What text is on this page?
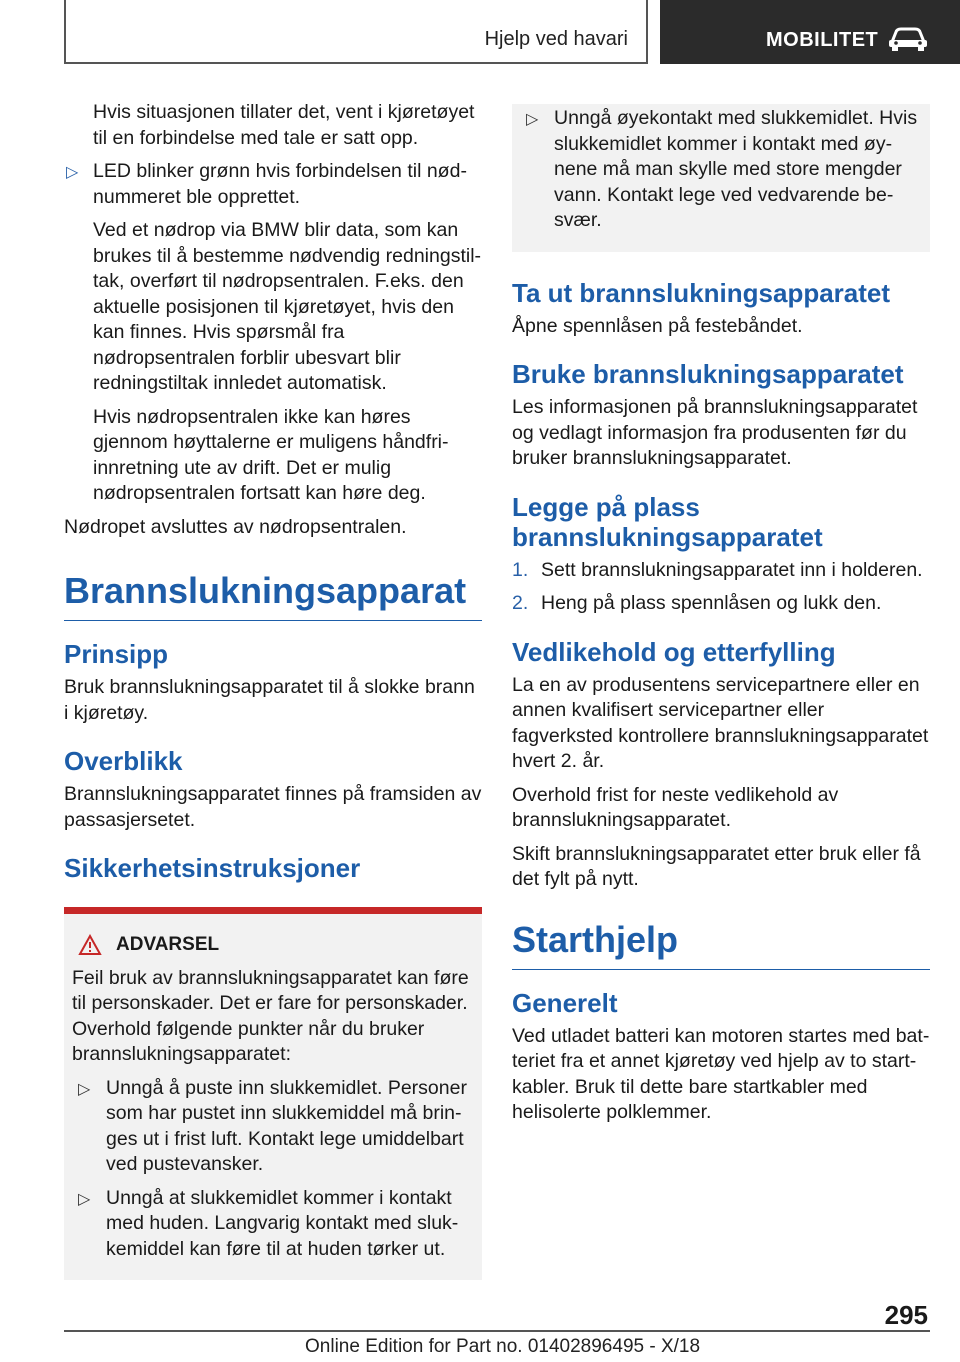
Hjelp ved havari	MOBILITET

Hvis situasjonen tillater det, vent i kjøretøyet til en forbindelse med tale er satt opp.

▷ LED blinker grønn hvis forbindelsen til nødnummeret ble opprettet.

Ved et nødrop via BMW blir data, som kan brukes til å bestemme nødvendig redningstiltak, overført til nødropsentralen. F.eks. den aktuelle posisjonen til kjøretøyet, hvis den kan finnes. Hvis spørsmål fra nødropsentralen forblir ubesvart blir redningstiltak innledet automatisk.

Hvis nødropsentralen ikke kan høres gjennom høyttalerne er muligens håndfri-innretning ute av drift. Det er mulig nødropsentralen fortsatt kan høre deg.

Nødropet avsluttes av nødropsentralen.

Brannslukningsapparat
Prinsipp

Bruk brannslukningsapparatet til å slokke brann i kjøretøy.

Overblikk

Brannslukningsapparatet finnes på framsiden av passasjersetet.

Sikkerhetsinstruksjoner
ADVARSEL

Feil bruk av brannslukningsapparatet kan føre til personskader. Det er fare for personskader. Overhold følgende punkter når du bruker brannslukningsapparatet:

▷ Unngå å puste inn slukkemidlet. Personer som har pustet inn slukkemiddel må bringes ut i frist luft. Kontakt lege umiddelbart ved pustevansker.
▷ Unngå at slukkemidlet kommer i kontakt med huden. Langvarig kontakt med slukkemiddel kan føre til at huden tørker ut.
▷ Unngå øyekontakt med slukkemidlet. Hvis slukkemidlet kommer i kontakt med øynene må man skylle med store mengder vann. Kontakt lege ved vedvarende besvær.
Ta ut brannslukningsapparatet

Åpne spennlåsen på festebåndet.

Bruke brannslukningsapparatet

Les informasjonen på brannslukningsapparatet og vedlagt informasjon fra produsenten før du bruker brannslukningsapparatet.

Legge på plass brannslukningsapparatet
1. Sett brannslukningsapparatet inn i holderen.
2. Heng på plass spennlåsen og lukk den.
Vedlikehold og etterfylling

La en av produsentens servicepartnere eller en annen kvalifisert servicepartner eller fagverksted kontrollere brannslukningsapparatet hvert 2. år.

Overhold frist for neste vedlikehold av brannslukningsapparatet.

Skift brannslukningsapparatet etter bruk eller få det fylt på nytt.

Starthjelp
Generelt

Ved utladet batteri kan motoren startes med batteriet fra et annet kjøretøy ved hjelp av to startkabler. Bruk til dette bare startkabler med helisolerte polklemmer.

295
Online Edition for Part no. 01402896495 - X/18
